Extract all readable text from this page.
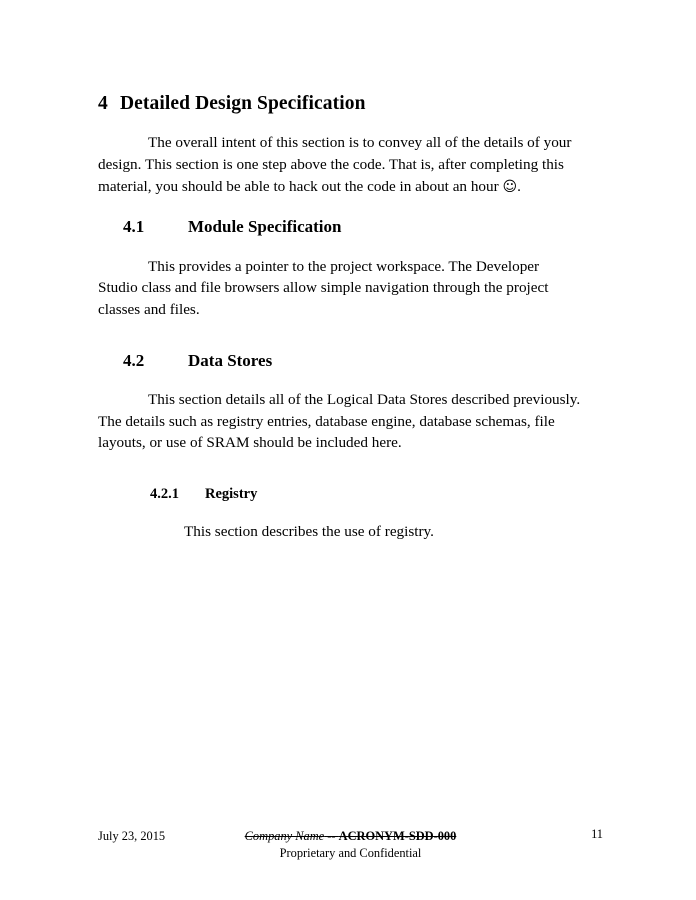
4 Detailed Design Specification

The overall intent of this section is to convey all of the details of your design. This section is one step above the code. That is, after completing this material, you should be able to hack out the code in about an hour ☺.

4.1	Module Specification

This provides a pointer to the project workspace. The Developer Studio class and file browsers allow simple navigation through the project classes and files.

4.2	Data Stores

This section details all of the Logical Data Stores described previously. The details such as registry entries, database engine, database schemas, file layouts, or use of SRAM should be included here.

4.2.1	Registry

This section describes the use of registry.

July 23, 2015	Company Name -- ACRONYM-SDD-000	11
Proprietary and Confidential
